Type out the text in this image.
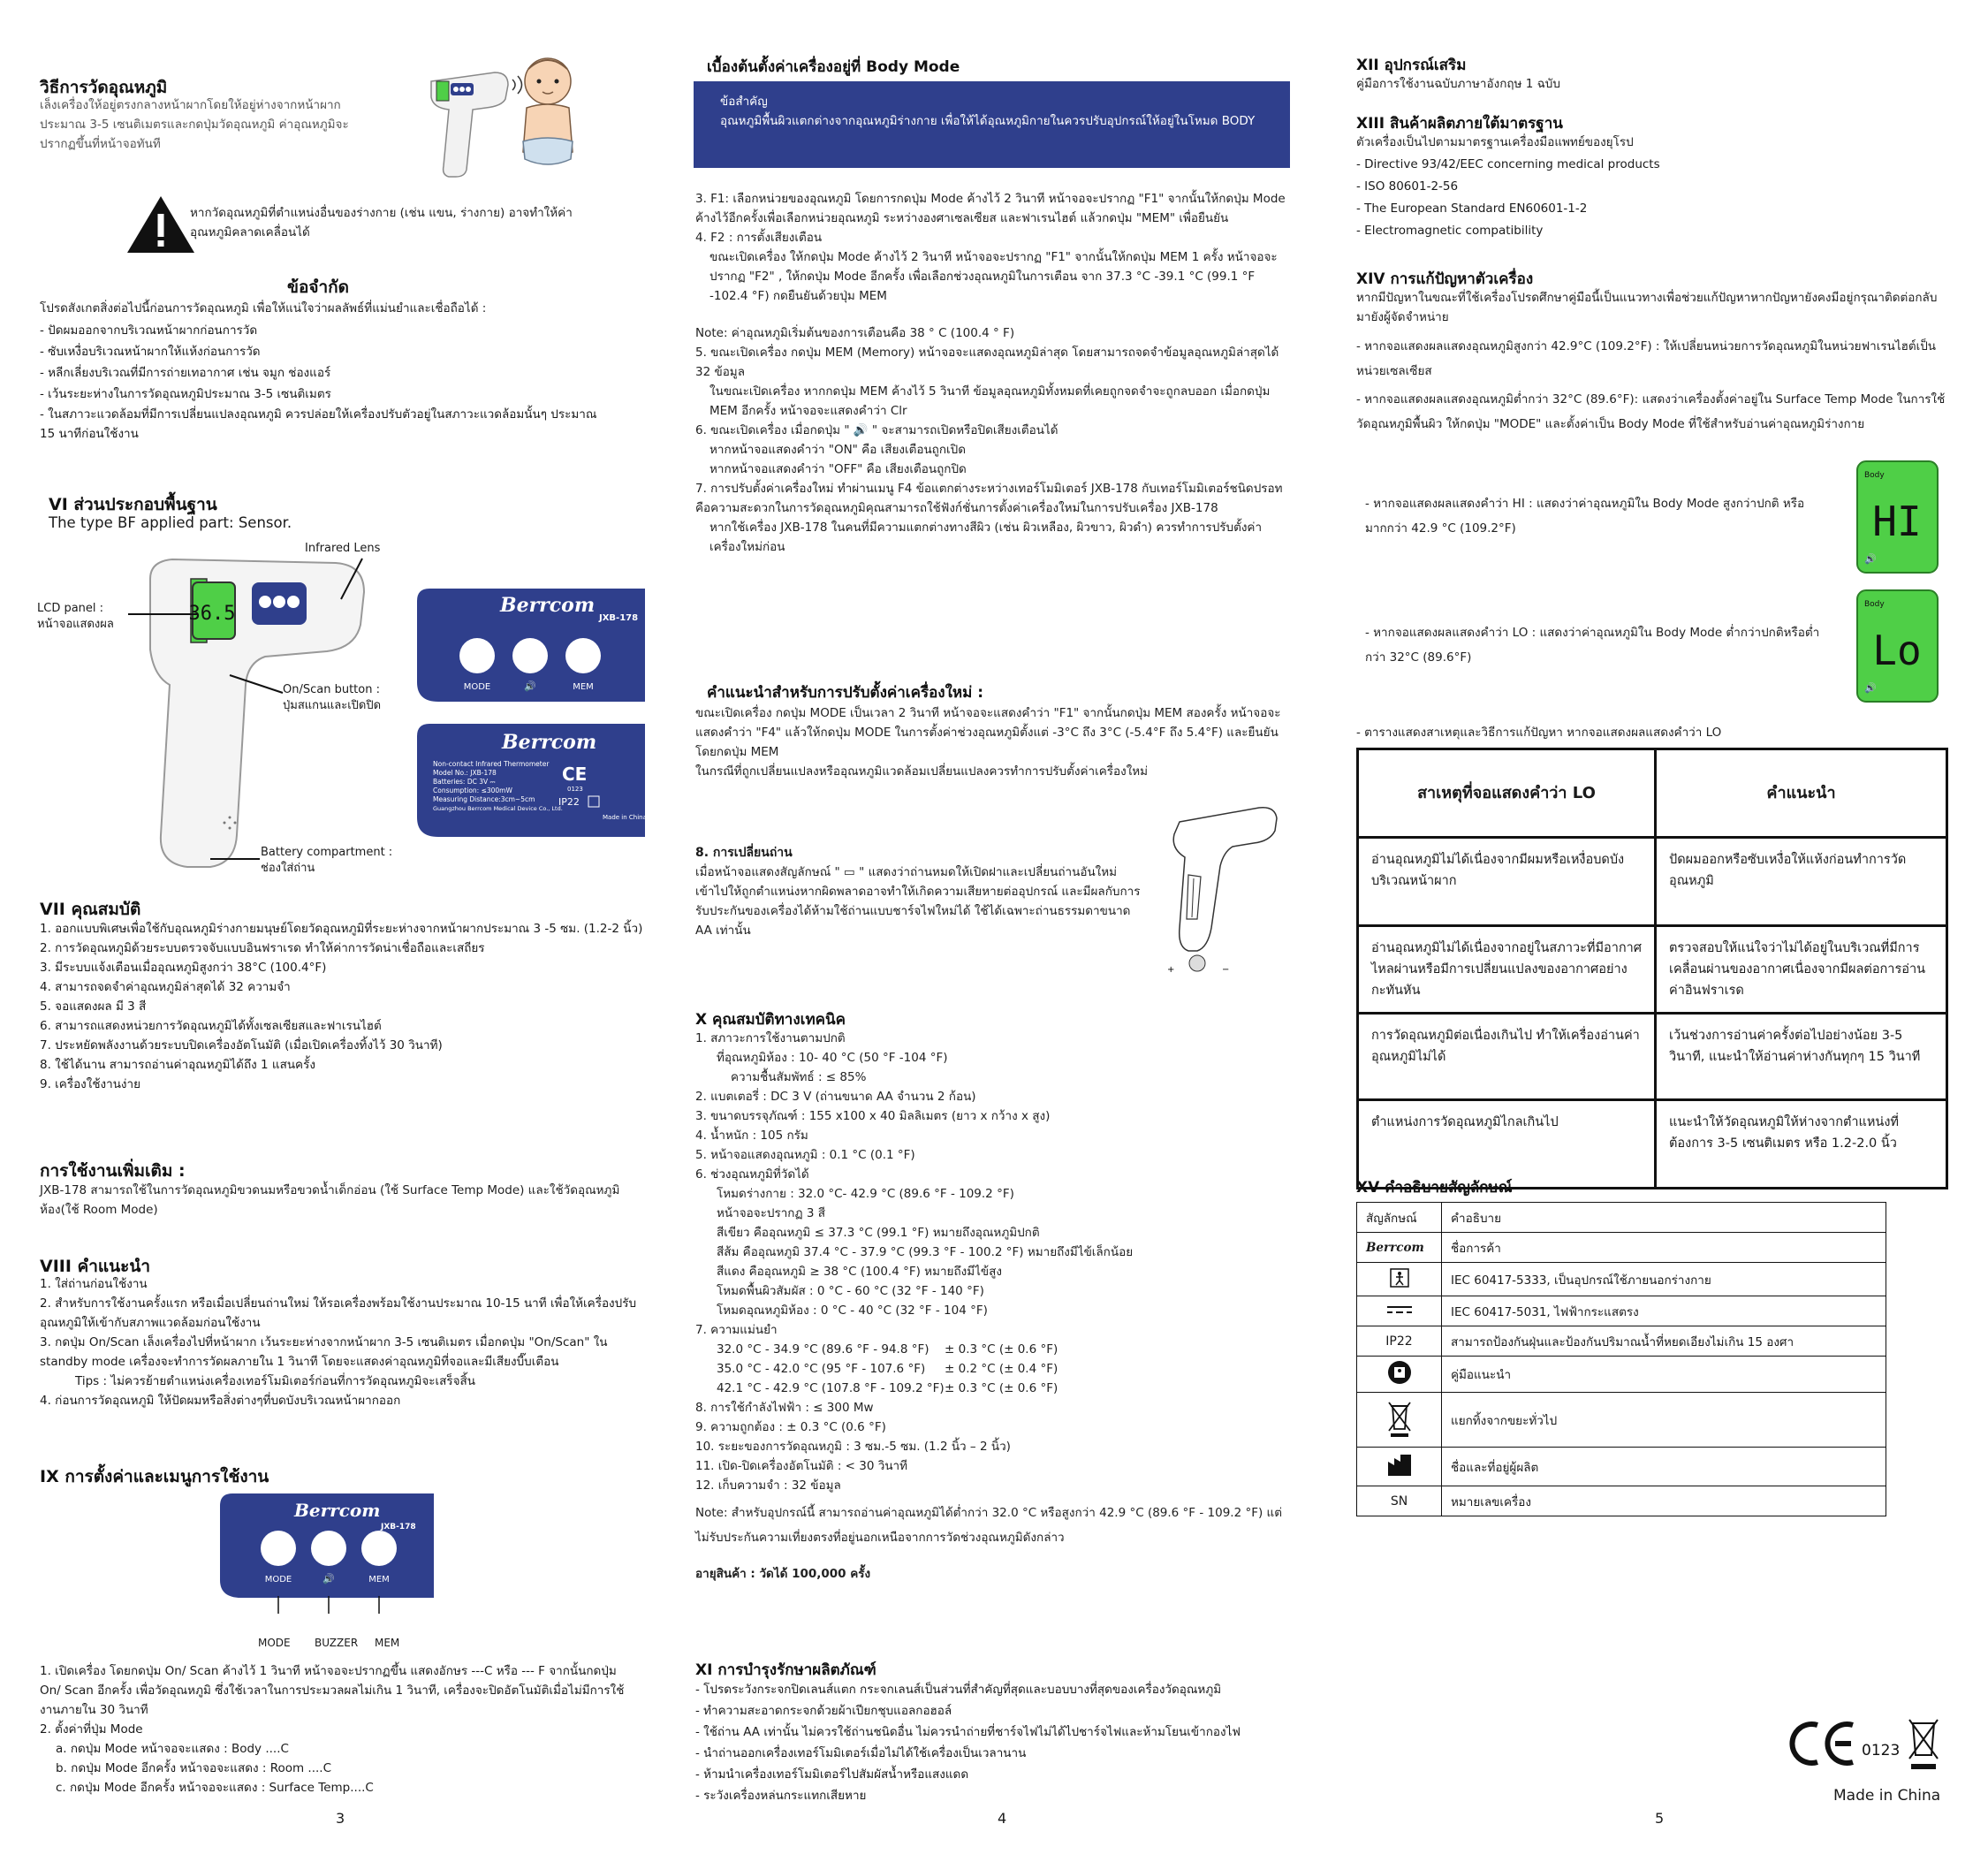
วิธีการวัดอุณหภูมิ
เล็งเครื่องให้อยู่ตรงกลางหน้าผากโดยให้อยู่ห่างจากหน้าผากประมาณ 3-5 เซนติเมตรและกดปุ่มวัดอุณหภูมิ ค่าอุณหภูมิจะปรากฏขึ้นที่หน้าจอทันที
หากวัดอุณหภูมิที่ตำแหน่งอื่นของร่างกาย (เช่น แขน, ร่างกาย) อาจทำให้ค่าอุณหภูมิคลาดเคลื่อนได้
ข้อจำกัด
โปรดสังเกตสิ่งต่อไปนี้ก่อนการวัดอุณหภูมิ เพื่อให้แน่ใจว่าผลลัพธ์ที่แม่นยำและเชื่อถือได้ :
- ปัดผมออกจากบริเวณหน้าผากก่อนการวัด
- ซับเหงื่อบริเวณหน้าผากให้แห้งก่อนการวัด
- หลีกเลี่ยงบริเวณที่มีการถ่ายเทอากาศ เช่น จมูก ช่องแอร์
- เว้นระยะห่างในการวัดอุณหภูมิประมาณ 3-5 เซนติเมตร
- ในสภาวะแวดล้อมที่มีการเปลี่ยนแปลงอุณหภูมิ ควรปล่อยให้เครื่องปรับตัวอยู่ในสภาวะแวดล้อมนั้นๆ ประมาณ 15 นาทีก่อนใช้งาน
VI ส่วนประกอบพื้นฐาน
The type BF applied part: Sensor.
36.5
Infrared Lens
LCD panel :
หน้าจอแสดงผล
On/Scan button :
ปุ่มสแกนและเปิดปิด
Battery compartment :
ช่องใส่ถ่าน
Berrcom
JXB-178
MODE	🔊	MEM
Berrcom
Non-contact Infrared Thermometer
Model No.: JXB-178
Batteries: DC 3V ⎓
Consumption: ≤300mW
Measuring Distance:3cm~5cm
Guangzhou Berrcom Medical Device Co., Ltd.
CE
0123
IP22
Made in China
VII คุณสมบัติ
1. ออกแบบพิเศษเพื่อใช้กับอุณหภูมิร่างกายมนุษย์โดยวัดอุณหภูมิที่ระยะห่างจากหน้าผากประมาณ 3 -5 ซม. (1.2-2 นิ้ว)
2. การวัดอุณหภูมิด้วยระบบตรวจจับแบบอินฟราเรด ทำให้ค่าการวัดน่าเชื่อถือและเสถียร
3. มีระบบแจ้งเตือนเมื่ออุณหภูมิสูงกว่า 38°C (100.4°F)
4. สามารถจดจำค่าอุณหภูมิล่าสุดได้ 32 ความจำ
5. จอแสดงผล มี 3 สี
6. สามารถแสดงหน่วยการวัดอุณหภูมิได้ทั้งเซลเซียสและฟาเรนไฮต์
7. ประหยัดพลังงานด้วยระบบปิดเครื่องอัตโนมัติ (เมื่อเปิดเครื่องทิ้งไว้ 30 วินาที)
8. ใช้ได้นาน สามารถอ่านค่าอุณหภูมิได้ถึง 1 แสนครั้ง
9. เครื่องใช้งานง่าย
การใช้งานเพิ่มเติม :
JXB-178 สามารถใช้ในการวัดอุณหภูมิขวดนมหรือขวดน้ำเด็กอ่อน (ใช้ Surface Temp Mode) และใช้วัดอุณหภูมิห้อง(ใช้ Room Mode)
VIII คำแนะนำ
1. ใส่ถ่านก่อนใช้งาน
2. สำหรับการใช้งานครั้งแรก หรือเมื่อเปลี่ยนถ่านใหม่ ให้รอเครื่องพร้อมใช้งานประมาณ 10-15 นาที เพื่อให้เครื่องปรับอุณหภูมิให้เข้ากับสภาพแวดล้อมก่อนใช้งาน
3. กดปุ่ม On/Scan เล็งเครื่องไปที่หน้าผาก เว้นระยะห่างจากหน้าผาก 3-5 เซนติเมตร เมื่อกดปุ่ม "On/Scan" ใน standby mode เครื่องจะทำการวัดผลภายใน 1 วินาที โดยจะแสดงค่าอุณหภูมิที่จอและมีเสียงบี๊บเตือน
Tips : ไม่ควรย้ายตำแหน่งเครื่องเทอร์โมมิเตอร์ก่อนที่การวัดอุณหภูมิจะเสร็จสิ้น
4. ก่อนการวัดอุณหภูมิ ให้ปัดผมหรือสิ่งต่างๆที่บดบังบริเวณหน้าผากออก
IX การตั้งค่าและเมนูการใช้งาน
Berrcom
JXB-178
MODE	🔊	MEM
MODE BUZZER MEM
1. เปิดเครื่อง โดยกดปุ่ม On/ Scan ค้างไว้ 1 วินาที หน้าจอจะปรากฏขึ้น แสดงอักษร ---C หรือ --- F จากนั้นกดปุ่ม On/ Scan อีกครั้ง เพื่อวัดอุณหภูมิ ซึ่งใช้เวลาในการประมวลผลไม่เกิน 1 วินาที, เครื่องจะปิดอัตโนมัติเมื่อไม่มีการใช้งานภายใน 30 วินาที
2. ตั้งค่าที่ปุ่ม Mode
a. กดปุ่ม Mode หน้าจอจะแสดง : Body ....C
b. กดปุ่ม Mode อีกครั้ง หน้าจอจะแสดง : Room ....C
c. กดปุ่ม Mode อีกครั้ง หน้าจอจะแสดง : Surface Temp....C
3
เบื้องต้นตั้งค่าเครื่องอยู่ที่ Body Mode
ข้อสำคัญ
อุณหภูมิพื้นผิวแตกต่างจากอุณหภูมิร่างกาย เพื่อให้ได้อุณหภูมิกายในควรปรับอุปกรณ์ให้อยู่ในโหมด BODY
3. F1: เลือกหน่วยของอุณหภูมิ โดยการกดปุ่ม Mode ค้างไว้ 2 วินาที หน้าจอจะปรากฏ "F1" จากนั้นให้กดปุ่ม Mode ค้างไว้อีกครั้งเพื่อเลือกหน่วยอุณหภูมิ ระหว่างองศาเซลเซียส และฟาเรนไฮต์ แล้วกดปุ่ม "MEM" เพื่อยืนยัน
4. F2 : การตั้งเสียงเตือน
ขณะเปิดเครื่อง ให้กดปุ่ม Mode ค้างไว้ 2 วินาที หน้าจอจะปรากฏ "F1" จากนั้นให้กดปุ่ม MEM 1 ครั้ง หน้าจอจะปรากฏ "F2" , ให้กดปุ่ม Mode อีกครั้ง เพื่อเลือกช่วงอุณหภูมิในการเตือน จาก 37.3 °C -39.1 °C (99.1 °F -102.4 °F) กดยืนยันด้วยปุ่ม MEM
Note: ค่าอุณหภูมิเริ่มต้นของการเตือนคือ 38 ° C (100.4 ° F)
5. ขณะเปิดเครื่อง กดปุ่ม MEM (Memory) หน้าจอจะแสดงอุณหภูมิล่าสุด โดยสามารถจดจำข้อมูลอุณหภูมิล่าสุดได้ 32 ข้อมูล
ในขณะเปิดเครื่อง หากกดปุ่ม MEM ค้างไว้ 5 วินาที ข้อมูลอุณหภูมิทั้งหมดที่เคยถูกจดจำจะถูกลบออก เมื่อกดปุ่ม MEM อีกครั้ง หน้าจอจะแสดงคำว่า Clr
6. ขณะเปิดเครื่อง เมื่อกดปุ่ม " 🔊 " จะสามารถเปิดหรือปิดเสียงเตือนได้
หากหน้าจอแสดงคำว่า "ON" คือ เสียงเตือนถูกเปิด
หากหน้าจอแสดงคำว่า "OFF" คือ เสียงเตือนถูกปิด
7. การปรับตั้งค่าเครื่องใหม่ ทำผ่านเมนู F4 ข้อแตกต่างระหว่างเทอร์โมมิเตอร์ JXB-178 กับเทอร์โมมิเตอร์ชนิดปรอทคือความสะดวกในการวัดอุณหภูมิคุณสามารถใช้ฟังก์ชั่นการตั้งค่าเครื่องใหม่ในการปรับเครื่อง JXB-178
หากใช้เครื่อง JXB-178 ในคนที่มีความแตกต่างทางสีผิว (เช่น ผิวเหลือง, ผิวขาว, ผิวดำ) ควรทำการปรับตั้งค่าเครื่องใหม่ก่อน
คำแนะนำสำหรับการปรับตั้งค่าเครื่องใหม่ :
ขณะเปิดเครื่อง กดปุ่ม MODE เป็นเวลา 2 วินาที หน้าจอจะแสดงคำว่า "F1" จากนั้นกดปุ่ม MEM สองครั้ง หน้าจอจะแสดงคำว่า "F4" แล้วให้กดปุ่ม MODE ในการตั้งค่าช่วงอุณหภูมิตั้งแต่ -3°C ถึง 3°C (-5.4°F ถึง 5.4°F) และยืนยันโดยกดปุ่ม MEM
ในกรณีที่ถูกเปลี่ยนแปลงหรืออุณหภูมิแวดล้อมเปลี่ยนแปลงควรทำการปรับตั้งค่าเครื่องใหม่
8. การเปลี่ยนถ่าน
เมื่อหน้าจอแสดงสัญลักษณ์ " ▭ " แสดงว่าถ่านหมดให้เปิดฝาและเปลี่ยนถ่านอันใหม่เข้าไปให้ถูกตำแหน่งหากผิดพลาดอาจทำให้เกิดความเสียหายต่ออุปกรณ์ และมีผลกับการรับประกันของเครื่องได้ห้ามใช้ถ่านแบบชาร์จไฟใหม่ได้ ใช้ได้เฉพาะถ่านธรรมดาขนาด AA เท่านั้น
+	−
X คุณสมบัติทางเทคนิค
1. สภาวะการใช้งานตามปกติ
ที่อุณหภูมิห้อง : 10- 40 °C (50 °F -104 °F)
ความชื้นสัมพัทธ์ : ≤ 85%
2. แบตเตอรี่ : DC 3 V (ถ่านขนาด AA จำนวน 2 ก้อน)
3. ขนาดบรรจุภัณฑ์ : 155 x100 x 40 มิลลิเมตร (ยาว x กว้าง x สูง)
4. น้ำหนัก : 105 กรัม
5. หน้าจอแสดงอุณหภูมิ : 0.1 °C (0.1 °F)
6. ช่วงอุณหภูมิที่วัดได้
โหมดร่างกาย : 32.0 °C- 42.9 °C (89.6 °F - 109.2 °F)
หน้าจอจะปรากฏ 3 สี
สีเขียว คืออุณหภูมิ ≤ 37.3 °C (99.1 °F) หมายถึงอุณหภูมิปกติ
สีส้ม คืออุณหภูมิ 37.4 °C - 37.9 °C (99.3 °F - 100.2 °F) หมายถึงมีไข้เล็กน้อย
สีแดง คืออุณหภูมิ ≥ 38 °C (100.4 °F) หมายถึงมีไข้สูง
โหมดพื้นผิวสัมผัส : 0 °C - 60 °C (32 °F - 140 °F)
โหมดอุณหภูมิห้อง : 0 °C - 40 °C (32 °F - 104 °F)
7. ความแม่นยำ
32.0 °C - 34.9 °C (89.6 °F - 94.8 °F)	± 0.3 °C (± 0.6 °F)
35.0 °C - 42.0 °C (95 °F - 107.6 °F)	± 0.2 °C (± 0.4 °F)
42.1 °C - 42.9 °C (107.8 °F - 109.2 °F)	± 0.3 °C (± 0.6 °F)
8. การใช้กำลังไฟฟ้า : ≤ 300 Mw
9. ความถูกต้อง : ± 0.3 °C (0.6 °F)
10. ระยะของการวัดอุณหภูมิ : 3 ซม.-5 ซม. (1.2 นิ้ว – 2 นิ้ว)
11. เปิด-ปิดเครื่องอัตโนมัติ : < 30 วินาที
12. เก็บความจำ : 32 ข้อมูล
Note: สำหรับอุปกรณ์นี้ สามารถอ่านค่าอุณหภูมิได้ต่ำกว่า 32.0 °C หรือสูงกว่า 42.9 °C (89.6 °F - 109.2 °F) แต่ไม่รับประกันความเที่ยงตรงที่อยู่นอกเหนือจากการวัดช่วงอุณหภูมิดังกล่าว
อายุสินค้า : วัดได้ 100,000 ครั้ง
XI การบำรุงรักษาผลิตภัณฑ์
- โปรดระวังกระจกปิดเลนส์แตก กระจกเลนส์เป็นส่วนที่สำคัญที่สุดและบอบบางที่สุดของเครื่องวัดอุณหภูมิ
- ทำความสะอาดกระจกด้วยผ้าเปียกชุบแอลกอฮอล์
- ใช้ถ่าน AA เท่านั้น ไม่ควรใช้ถ่านชนิดอื่น ไม่ควรนำถ่ายที่ชาร์จไฟไม่ได้ไปชาร์จไฟและห้ามโยนเข้ากองไฟ
- นำถ่านออกเครื่องเทอร์โมมิเตอร์เมื่อไม่ได้ใช้เครื่องเป็นเวลานาน
- ห้ามนำเครื่องเทอร์โมมิเตอร์ไปสัมผัสน้ำหรือแสงแดด
- ระวังเครื่องหล่นกระแทกเสียหาย
4
XII อุปกรณ์เสริม
คู่มือการใช้งานฉบับภาษาอังกฤษ 1 ฉบับ
XIII สินค้าผลิตภายใต้มาตรฐาน
ตัวเครื่องเป็นไปตามมาตรฐานเครื่องมือแพทย์ของยุโรป
- Directive 93/42/EEC concerning medical products
- ISO 80601-2-56
- The European Standard EN60601-1-2
- Electromagnetic compatibility
XIV การแก้ปัญหาตัวเครื่อง
หากมีปัญหาในขณะที่ใช้เครื่องโปรดศึกษาคู่มือนี้เป็นแนวทางเพื่อช่วยแก้ปัญหาหากปัญหายังคงมีอยู่กรุณาติดต่อกลับมายังผู้จัดจำหน่าย
- หากจอแสดงผลแสดงอุณหภูมิสูงกว่า 42.9°C (109.2°F) : ให้เปลี่ยนหน่วยการวัดอุณหภูมิในหน่วยฟาเรนไฮต์เป็นหน่วยเซลเซียส
- หากจอแสดงผลแสดงอุณหภูมิต่ำกว่า 32°C (89.6°F): แสดงว่าเครื่องตั้งค่าอยู่ใน Surface Temp Mode ในการใช้วัดอุณหภูมิพื้นผิว ให้กดปุ่ม "MODE" และตั้งค่าเป็น Body Mode ที่ใช้สำหรับอ่านค่าอุณหภูมิร่างกาย
- หากจอแสดงผลแสดงคำว่า HI : แสดงว่าค่าอุณหภูมิใน Body Mode สูงกว่าปกติ หรือมากกว่า 42.9 °C (109.2°F)
Body
HI
🔊
- หากจอแสดงผลแสดงคำว่า LO : แสดงว่าค่าอุณหภูมิใน Body Mode ต่ำกว่าปกติหรือต่ำกว่า 32°C (89.6°F)
Body
Lo
🔊
- ตารางแสดงสาเหตุและวิธีการแก้ปัญหา หากจอแสดงผลแสดงคำว่า LO
สาเหตุที่จอแสดงคำว่า LO	คำแนะนำ
อ่านอุณหภูมิไม่ได้เนื่องจากมีผมหรือเหงื่อบดบังบริเวณหน้าผาก	ปัดผมออกหรือซับเหงื่อให้แห้งก่อนทำการวัดอุณหภูมิ
อ่านอุณหภูมิไม่ได้เนื่องจากอยู่ในสภาวะที่มีอากาศไหลผ่านหรือมีการเปลี่ยนแปลงของอากาศอย่างกะทันหัน	ตรวจสอบให้แน่ใจว่าไม่ได้อยู่ในบริเวณที่มีการเคลื่อนผ่านของอากาศเนื่องจากมีผลต่อการอ่านค่าอินฟราเรด
การวัดอุณหภูมิต่อเนื่องเกินไป ทำให้เครื่องอ่านค่าอุณหภูมิไม่ได้	เว้นช่วงการอ่านค่าครั้งต่อไปอย่างน้อย 3-5 วินาที, แนะนำให้อ่านค่าห่างกันทุกๆ 15 วินาที
ตำแหน่งการวัดอุณหภูมิไกลเกินไป	แนะนำให้วัดอุณหภูมิให้ห่างจากตำแหน่งที่ต้องการ 3-5 เซนติเมตร หรือ 1.2-2.0 นิ้ว
XV คำอธิบายสัญลักษณ์
สัญลักษณ์	คำอธิบาย
Berrcom	ชื่อการค้า
	IEC 60417-5333, เป็นอุปกรณ์ใช้ภายนอกร่างกาย
	IEC 60417-5031, ไฟฟ้ากระแสตรง
IP22	สามารถป้องกันฝุ่นและป้องกันปริมาณน้ำที่หยดเอียงไม่เกิน 15 องศา
	คู่มือแนะนำ
	แยกทิ้งจากขยะทั่วไป
	ชื่อและที่อยู่ผู้ผลิต
SN	หมายเลขเครื่อง
0123
Made in China
5
